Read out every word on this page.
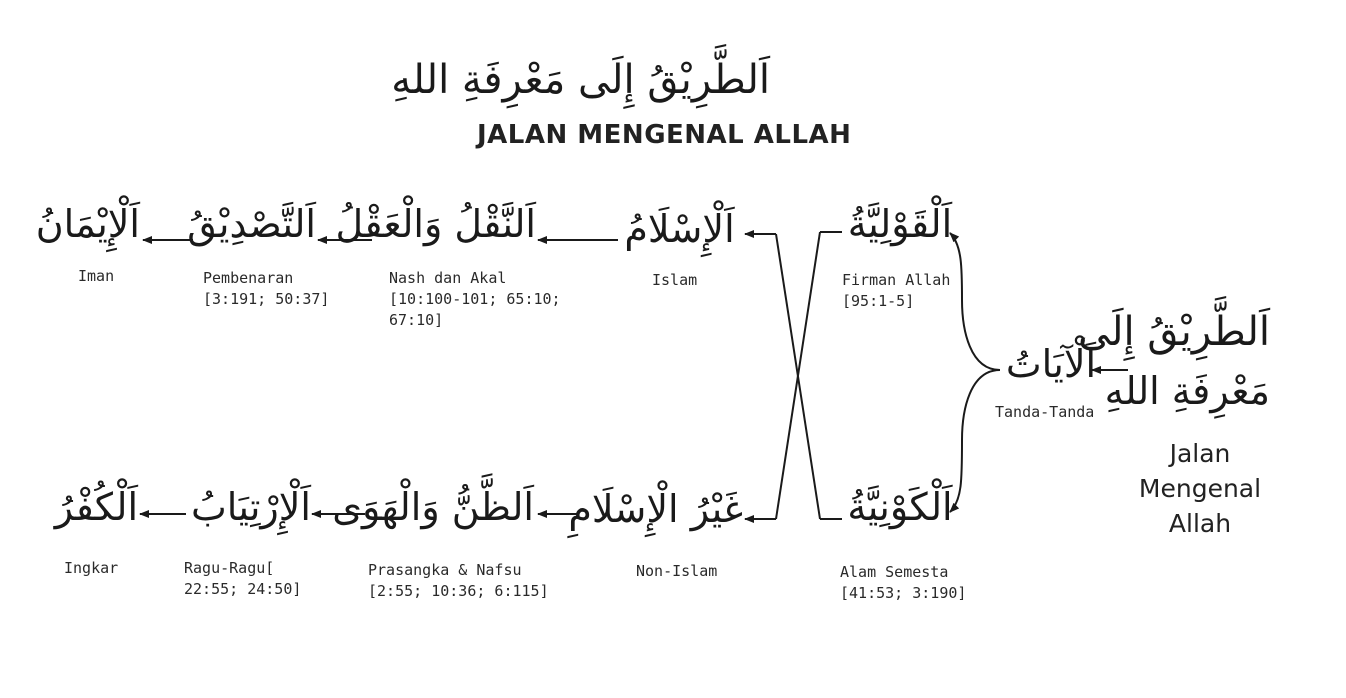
اَلطَّرِيْقُ إِلَى مَعْرِفَةِ اللهِ
JALAN MENGENAL ALLAH
اَلطَّرِيْقُ إِلَى
مَعْرِفَةِ اللهِ
Jalan
Mengenal
Allah
اَلْآيَاتُ
Tanda-Tanda
اَلْقَوْلِيَّةُ
Firman Allah
[95:1-5]
اَلْكَوْنِيَّةُ
Alam Semesta
[41:53; 3:190]
اَلْإِسْلَامُ
Islam
اَلنَّقْلُ وَالْعَقْلُ
Nash dan Akal
[10:100-101; 65:10;
67:10]
اَلتَّصْدِيْقُ
Pembenaran
[3:191; 50:37]
اَلْإِيْمَانُ
Iman
غَيْرُ الْإِسْلَامِ
Non-Islam
اَلظَّنُّ وَالْهَوَى
Prasangka & Nafsu
[2:55; 10:36; 6:115]
اَلْإِرْتِيَابُ
Ragu-Ragu[
22:55; 24:50]
اَلْكُفْرُ
Ingkar
